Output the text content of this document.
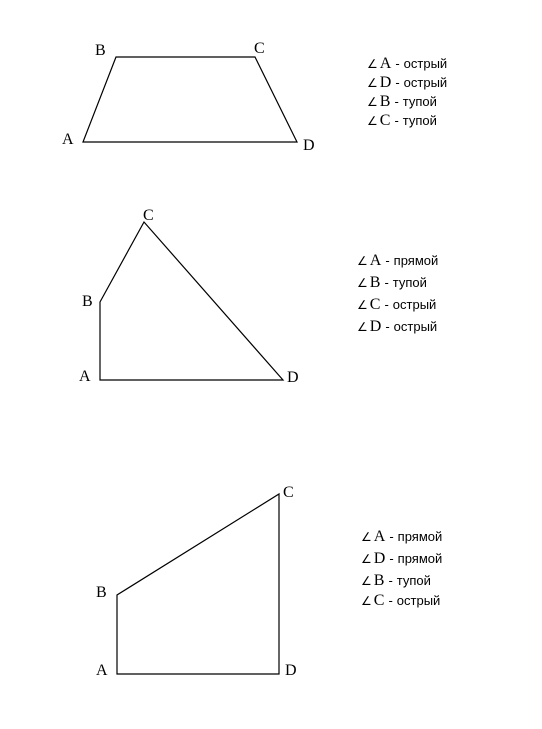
A
B	C
D
A
B
C
D
A
B
C
D
∠ A - острый
∠ D - острый
∠ B - тупой
∠ C - тупой
∠ A - прямой
∠ B - тупой
∠ C - острый
∠ D - острый
∠ A - прямой
∠ D - прямой
∠ B - тупой
∠ C - острый
